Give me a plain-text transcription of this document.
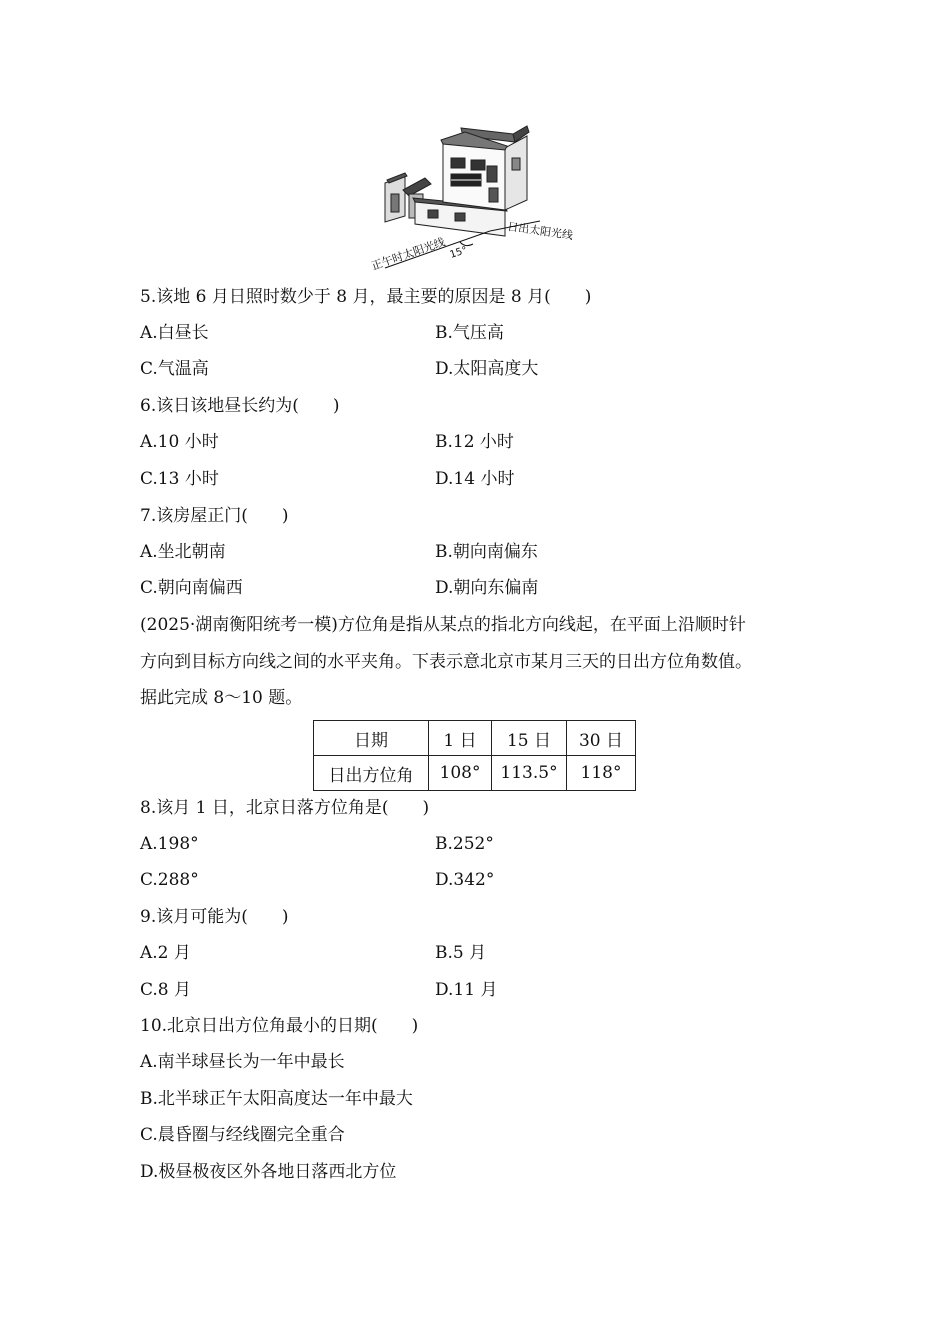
正午时太阳光线
日出太阳光线
15°
5.该地 6 月日照时数少于 8 月，最主要的原因是 8 月(　　)
A.白昼长	B.气压高
C.气温高	D.太阳高度大
6.该日该地昼长约为(　　)
A.10 小时	B.12 小时
C.13 小时	D.14 小时
7.该房屋正门(　　)
A.坐北朝南	B.朝向南偏东
C.朝向南偏西	D.朝向东偏南
(2025·湖南衡阳统考一模)方位角是指从某点的指北方向线起，在平面上沿顺时针
方向到目标方向线之间的水平夹角。下表示意北京市某月三天的日出方位角数值。
据此完成 8～10 题。
日期	1 日	15 日	30 日
日出方位角	108°	113.5°	118°
8.该月 1 日，北京日落方位角是(　　)
A.198°	B.252°
C.288°	D.342°
9.该月可能为(　　)
A.2 月	B.5 月
C.8 月	D.11 月
10.北京日出方位角最小的日期(　　)
A.南半球昼长为一年中最长
B.北半球正午太阳高度达一年中最大
C.晨昏圈与经线圈完全重合
D.极昼极夜区外各地日落西北方位
